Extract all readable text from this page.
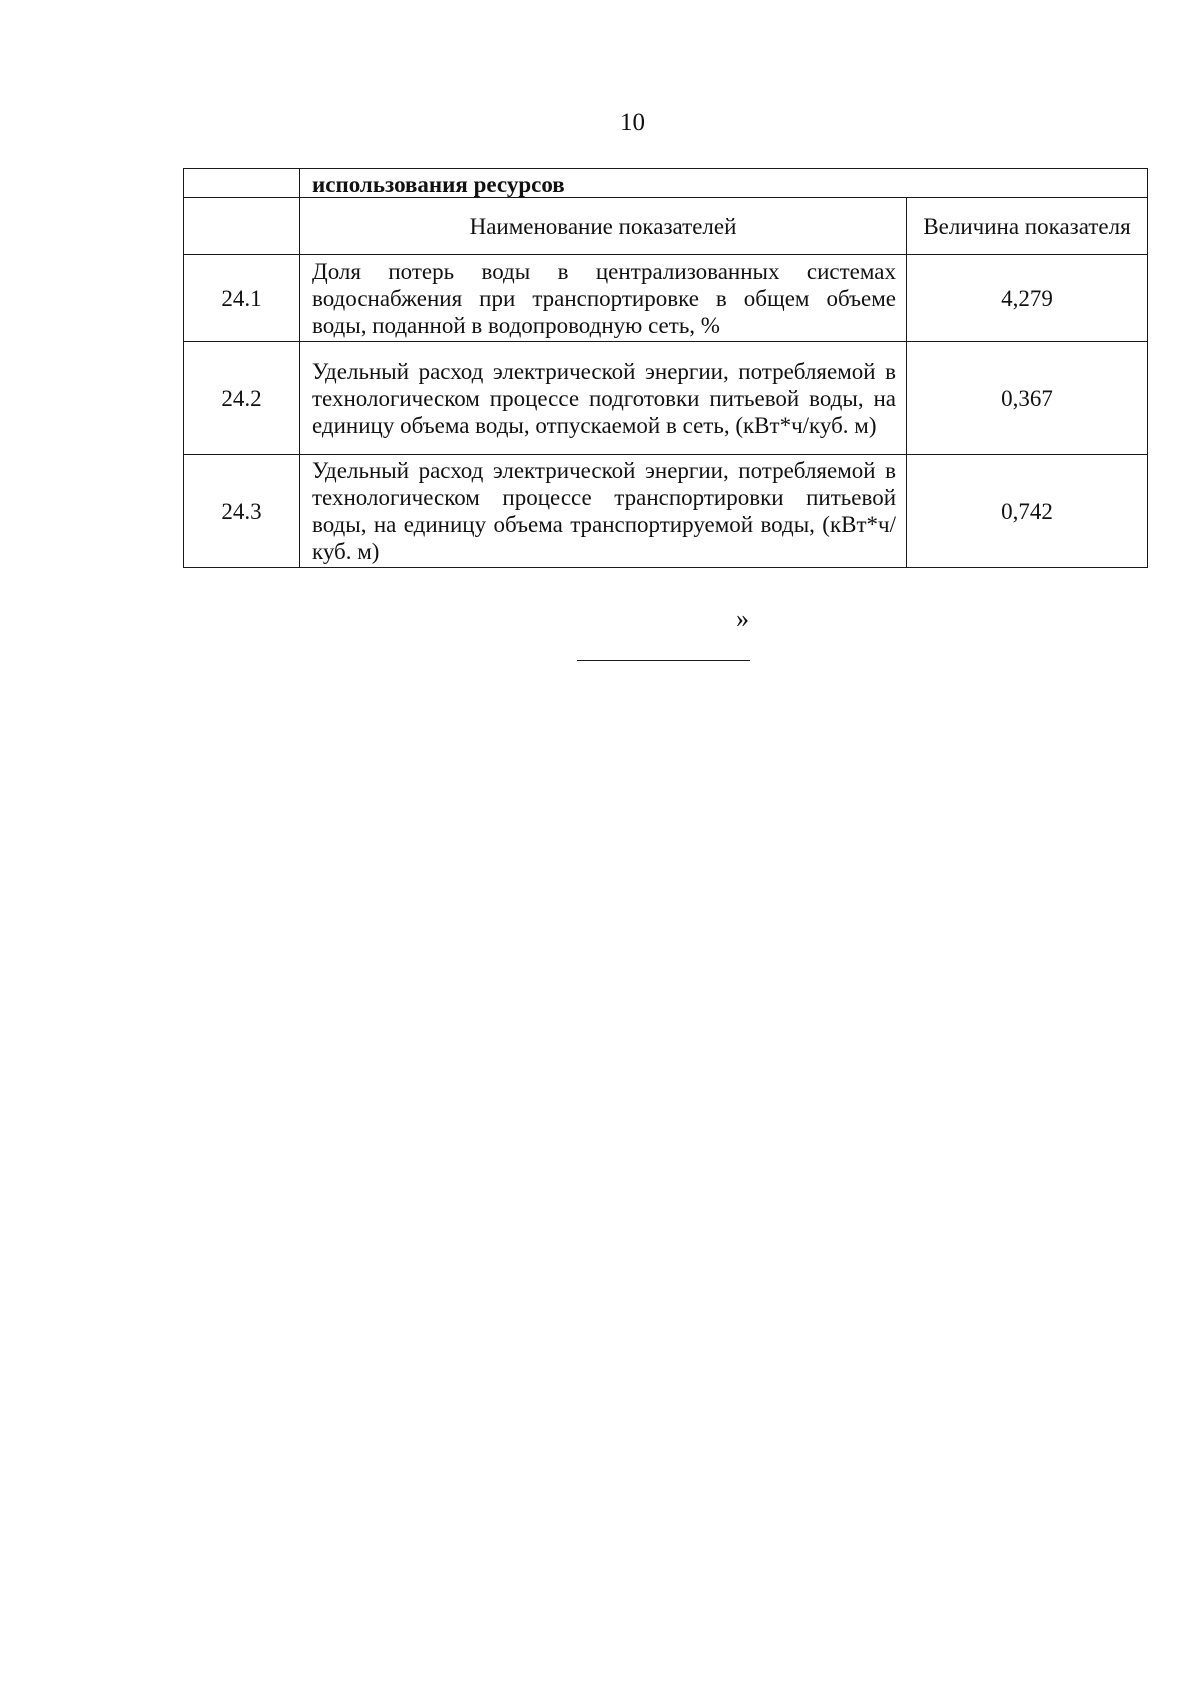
10
	использования ресурсов	
	Наименование показателей	Величина показателя
24.1	Доля потерь воды в централизованных системах водоснабжения при транспортировке в общем объеме воды, поданной в водопроводную сеть, %	4,279
24.2	Удельный расход электрической энергии, потребляемой в технологическом процессе подготовки питьевой воды, на единицу объема воды, отпускаемой в сеть, (кВт*ч/куб. м)	0,367
24.3	Удельный расход электрической энергии, потребляемой в технологическом процессе транспортировки питьевой воды, на единицу объема транспортируемой воды, (кВт*ч/куб. м)	0,742
»
